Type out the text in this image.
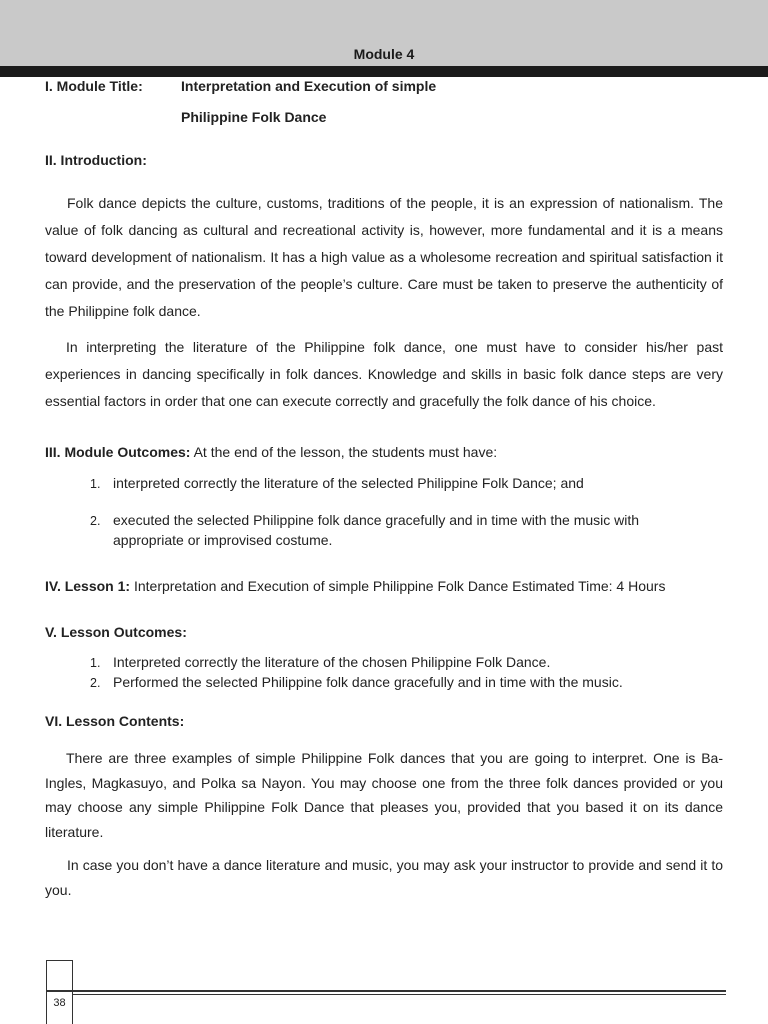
Module 4
I. Module Title:	Interpretation and Execution of simple
Philippine Folk Dance
II. Introduction:
Folk dance depicts the culture, customs, traditions of the people, it is an expression of nationalism. The value of folk dancing as cultural and recreational activity is, however, more fundamental and it is a means toward development of nationalism. It has a high value as a wholesome recreation and spiritual satisfaction it can provide, and the preservation of the people’s culture. Care must be taken to preserve the authenticity of the Philippine folk dance.
In interpreting the literature of the Philippine folk dance, one must have to consider his/her past experiences in dancing specifically in folk dances. Knowledge and skills in basic folk dance steps are very essential factors in order that one can execute correctly and gracefully the folk dance of his choice.
III. Module Outcomes: At the end of the lesson, the students must have:
1. interpreted correctly the literature of the selected Philippine Folk Dance; and
2. executed the selected Philippine folk dance gracefully and in time with the music with
appropriate or improvised costume.
IV. Lesson 1: Interpretation and Execution of simple Philippine Folk Dance Estimated Time: 4 Hours
V. Lesson Outcomes:
1. Interpreted correctly the literature of the chosen Philippine Folk Dance.
2. Performed the selected Philippine folk dance gracefully and in time with the music.
VI. Lesson Contents:
There are three examples of simple Philippine Folk dances that you are going to interpret. One is Ba-Ingles, Magkasuyo, and Polka sa Nayon. You may choose one from the three folk dances provided or you may choose any simple Philippine Folk Dance that pleases you, provided that you based it on its dance literature.
In case you don’t have a dance literature and music, you may ask your instructor to provide and send it to you.
38
